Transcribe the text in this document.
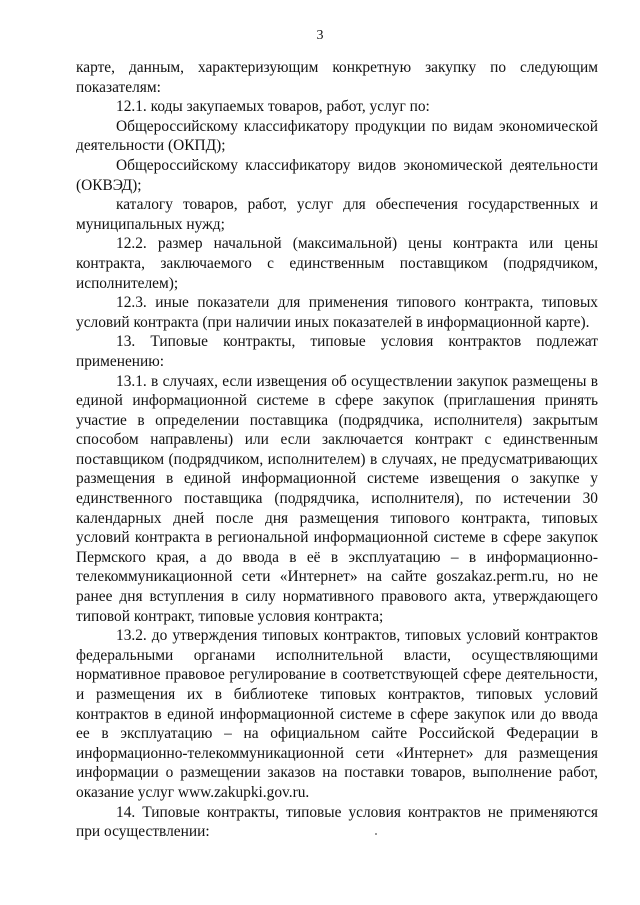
3

карте, данным, характеризующим конкретную закупку по следующим показателям:

12.1. коды закупаемых товаров, работ, услуг по:

Общероссийскому классификатору продукции по видам экономической деятельности (ОКПД);

Общероссийскому классификатору видов экономической деятельности (ОКВЭД);

каталогу товаров, работ, услуг для обеспечения государственных и муниципальных нужд;

12.2. размер начальной (максимальной) цены контракта или цены контракта, заключаемого с единственным поставщиком (подрядчиком, исполнителем);

12.3. иные показатели для применения типового контракта, типовых условий контракта (при наличии иных показателей в информационной карте).

13. Типовые контракты, типовые условия контрактов подлежат применению:

13.1. в случаях, если извещения об осуществлении закупок размещены в единой информационной системе в сфере закупок (приглашения принять участие в определении поставщика (подрядчика, исполнителя) закрытым способом направлены) или если заключается контракт с единственным поставщиком (подрядчиком, исполнителем) в случаях, не предусматривающих размещения в единой информационной системе извещения о закупке у единственного поставщика (подрядчика, исполнителя), по истечении 30 календарных дней после дня размещения типового контракта, типовых условий контракта в региональной информационной системе в сфере закупок Пермского края, а до ввода в её в эксплуатацию – в информационно-телекоммуникационной сети «Интернет» на сайте goszakaz.perm.ru, но не ранее дня вступления в силу нормативного правового акта, утверждающего типовой контракт, типовые условия контракта;

13.2. до утверждения типовых контрактов, типовых условий контрактов федеральными органами исполнительной власти, осуществляющими нормативное правовое регулирование в соответствующей сфере деятельности, и размещения их в библиотеке типовых контрактов, типовых условий контрактов в единой информационной системе в сфере закупок или до ввода ее в эксплуатацию – на официальном сайте Российской Федерации в информационно-телекоммуникационной сети «Интернет» для размещения информации о размещении заказов на поставки товаров, выполнение работ, оказание услуг www.zakupki.gov.ru.

14. Типовые контракты, типовые условия контрактов не применяются при осуществлении:
